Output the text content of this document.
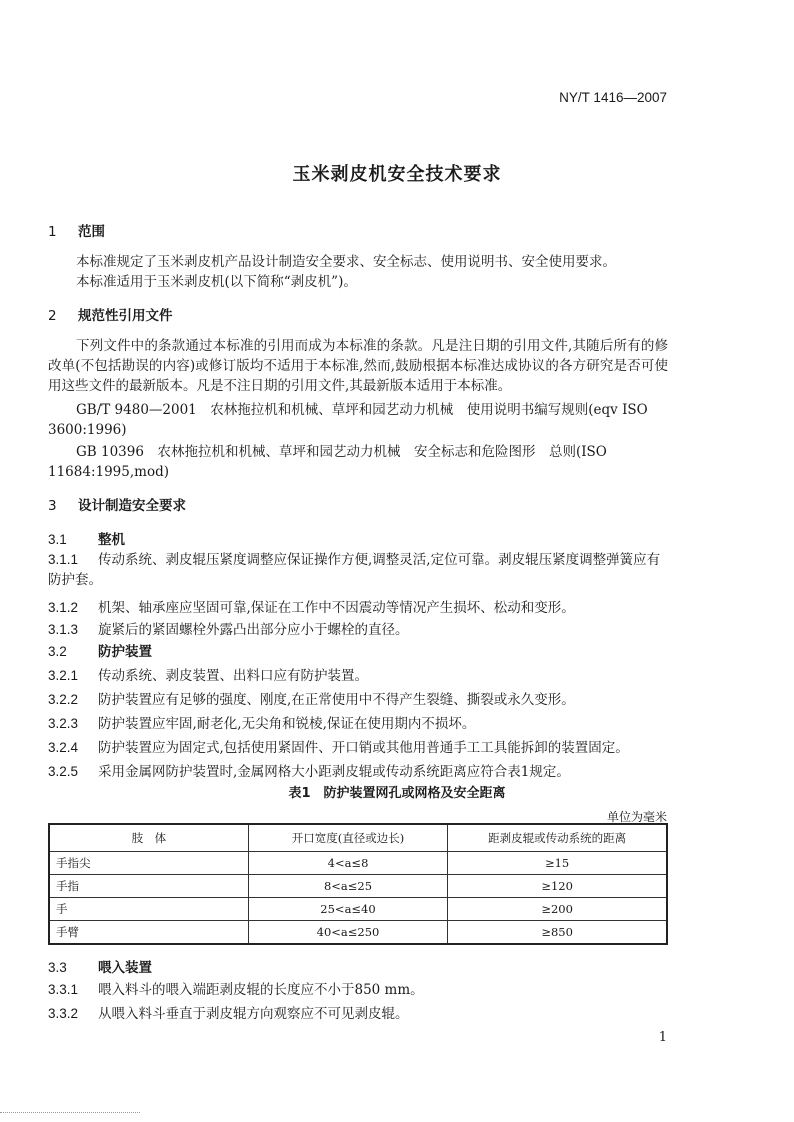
NY/T 1416—2007
玉米剥皮机安全技术要求
1 范围
本标准规定了玉米剥皮机产品设计制造安全要求、安全标志、使用说明书、安全使用要求。
本标准适用于玉米剥皮机(以下简称“剥皮机”)。
2 规范性引用文件
下列文件中的条款通过本标准的引用而成为本标准的条款。凡是注日期的引用文件,其随后所有的修改单(不包括勘误的内容)或修订版均不适用于本标准,然而,鼓励根据本标准达成协议的各方研究是否可使用这些文件的最新版本。凡是不注日期的引用文件,其最新版本适用于本标准。
GB/T 9480—2001　农林拖拉机和机械、草坪和园艺动力机械　使用说明书编写规则(eqv ISO 3600:1996)
GB 10396　农林拖拉机和机械、草坪和园艺动力机械　安全标志和危险图形　总则(ISO 11684:1995,mod)
3 设计制造安全要求
3.1 整机
3.1.1 传动系统、剥皮辊压紧度调整应保证操作方便,调整灵活,定位可靠。剥皮辊压紧度调整弹簧应有防护套。
3.1.2 机架、轴承座应坚固可靠,保证在工作中不因震动等情况产生损坏、松动和变形。
3.1.3 旋紧后的紧固螺栓外露凸出部分应小于螺栓的直径。
3.2 防护装置
3.2.1 传动系统、剥皮装置、出料口应有防护装置。
3.2.2 防护装置应有足够的强度、刚度,在正常使用中不得产生裂缝、撕裂或永久变形。
3.2.3 防护装置应牢固,耐老化,无尖角和锐棱,保证在使用期内不损坏。
3.2.4 防护装置应为固定式,包括使用紧固件、开口销或其他用普通手工工具能拆卸的装置固定。
3.2.5 采用金属网防护装置时,金属网格大小距剥皮辊或传动系统距离应符合表1规定。
表1　防护装置网孔或网格及安全距离
单位为毫米
肢　体	开口宽度(直径或边长)	距剥皮辊或传动系统的距离
手指尖	4<a≤8	≥15
手指	8<a≤25	≥120
手	25<a≤40	≥200
手臂	40<a≤250	≥850
3.3 喂入装置
3.3.1 喂入料斗的喂入端距剥皮辊的长度应不小于850 mm。
3.3.2 从喂入料斗垂直于剥皮辊方向观察应不可见剥皮辊。
1
